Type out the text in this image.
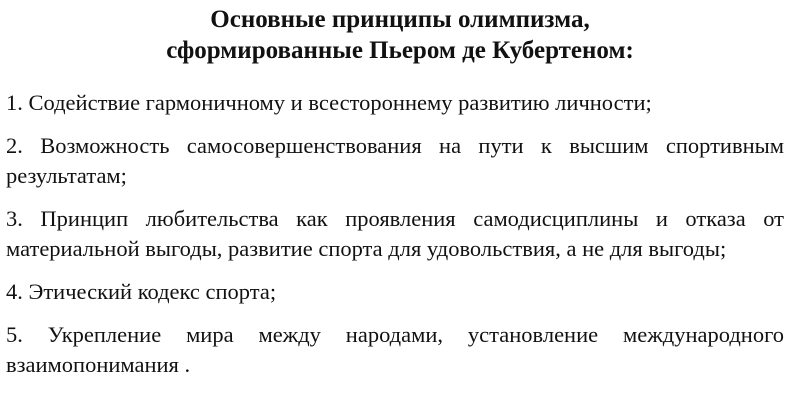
Основные принципы олимпизма,
сформированные Пьером де Кубертеном:
1. Содействие гармоничному и всестороннему развитию личности;
2. Возможность самосовершенствования на пути к высшим спортивным результатам;
3. Принцип любительства как проявления самодисциплины и отказа от материальной выгоды, развитие спорта для удовольствия, а не для выгоды;
4. Этический кодекс спорта;
5. Укрепление мира между народами, установление международного взаимопонимания .
